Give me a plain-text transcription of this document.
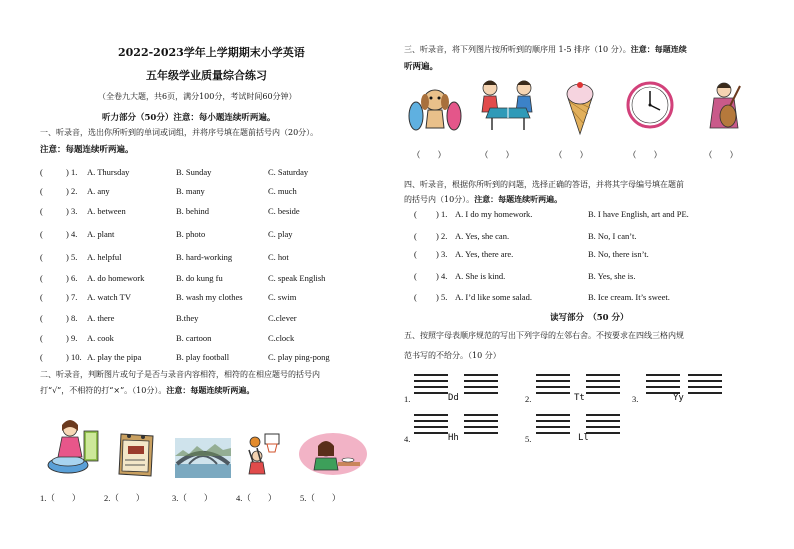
2022-2023学年上学期期末小学英语
五年级学业质量综合练习
（全卷九大题，共6页，满分100分，考试时间60分钟）
听力部分（50分）注意：每小题连续听两遍。
一、听录音，选出你所听到的单词或词组，并将序号填在题前括号内（20分）。
注意：每题连续听两遍。
(	) 1. A. Thursday	B. Sunday	C. Saturday
(	) 2. A. any	B. many	C. much
(	) 3. A. between	B. behind	C. beside
(	) 4. A. plant	B. photo	C. play
(	) 5. A. helpful	B. hard-working	C. hot
(	) 6. A. do homework	B. do kung fu	C. speak English
(	) 7. A. watch TV	B. wash my clothes	C. swim
(	) 8. A. there	B.they	C.clever
(	) 9. A. cook	B. cartoon	C.clock
(	) 10. A. play the pipa	B. play football	C. play ping-pong
二、听录音，判断图片或句子是否与录音内容相符，相符的在相应题号的括号内
打“√”，不相符的打“×”。（10分）。注意：每题连续听两遍。
1.（　　）	2.（　　）	3.（　　）	4.（　　）	5.（　　）
三、听录音，将下列图片按所听到的顺序用 1-5 排序（10 分）。注意：每题连续
听两遍。
（　　）	（　　）	（　　）	（　　）	（　　）
四、听录音，根据你所听到的问题，选择正确的答语，并将其字母编号填在题前
的括号内（10分）。注意：每题连续听两遍。
( ) 1. A. I do my homework.	B. I have English, art and PE.
( ) 2. A. Yes, she can.	B. No, I can’t.
( ) 3. A. Yes, there are.	B. No, there isn’t.
( ) 4. A. She is kind.	B. Yes, she is.
( ) 5. A. I’d like some salad.	B. Ice cream. It’s sweet.
读写部分　（50 分）
五、按照字母表顺序规范的写出下列字母的左邻右舍。不按要求在四线三格内规
范书写的不给分。（10 分）
1.	Dd	2.	Tt	3.	Yy
4.	Hh	5.	Ll
